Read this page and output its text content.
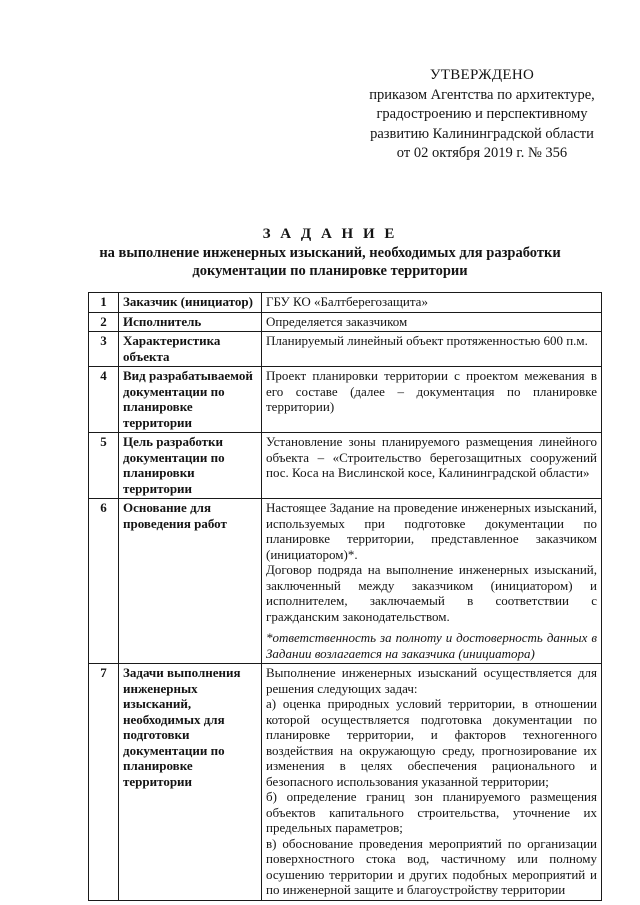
УТВЕРЖДЕНО
приказом Агентства по архитектуре,
градостроению и перспективному
развитию Калининградской области
от 02 октября 2019 г. № 356
З А Д А Н И Е
на выполнение инженерных изысканий, необходимых для разработки
документации по планировке территории
1	Заказчик (инициатор)	ГБУ КО «Балтберегозащита»
2	Исполнитель	Определяется заказчиком
3	Характеристика объекта	Планируемый линейный объект протяженностью 600 п.м.
4	Вид разрабатываемой документации по планировке территории	Проект планировки территории с проектом межевания в его составе (далее – документация по планировке территории)
5	Цель разработки документации по планировки территории	Установление зоны планируемого размещения линейного объекта – «Строительство берегозащитных сооружений пос. Коса на Вислинской косе, Калининградской области»
6	Основание для проведения работ	Настоящее Задание на проведение инженерных изысканий, используемых при подготовке документации по планировке территории, представленное заказчиком (инициатором)*.
Договор подряда на выполнение инженерных изысканий, заключенный между заказчиком (инициатором) и исполнителем, заключаемый в соответствии с гражданским законодательством.
*ответственность за полноту и достоверность данных в Задании возлагается на заказчика (инициатора)

7	Задачи выполнения инженерных изысканий, необходимых для подготовки документации по планировке территории	Выполнение инженерных изысканий осуществляется для решения следующих задач:
а) оценка природных условий территории, в отношении которой осуществляется подготовка документации по планировке территории, и факторов техногенного воздействия на окружающую среду, прогнозирование их изменения в целях обеспечения рационального и безопасного использования указанной территории;
б) определение границ зон планируемого размещения объектов капитального строительства, уточнение их предельных параметров;
в) обоснование проведения мероприятий по организации поверхностного стока вод, частичному или полному осушению территории и других подобных мероприятий и по инженерной защите и благоустройству территории
